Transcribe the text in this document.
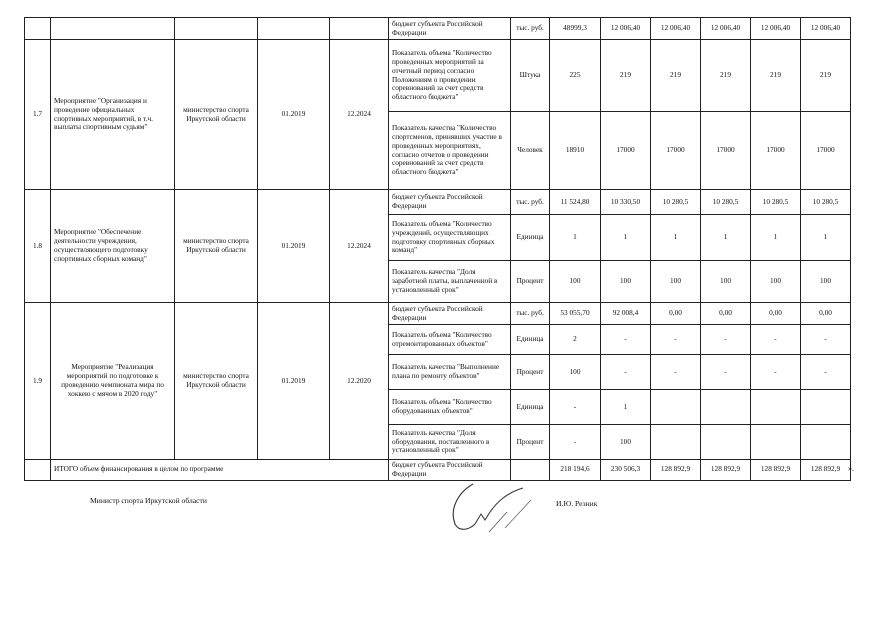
					бюджет субъекта Российской Федерации	тыс. руб.	48999,3	12 006,40	12 006,40	12 006,40	12 006,40	12 006,40
1.7	Мероприятие "Организация и проведение официальных спортивных мероприятий, в т.ч. выплаты спортивным судьям"	министерство спорта Иркутской области	01.2019	12.2024	Показатель объема "Количество проведенных мероприятий за отчетный период согласно Положениям о проведении соревнований за счет средств областного бюджета"	Штука	225	219	219	219	219	219
					Показатель качества "Количество спортсменов, принявших участие в проведенных мероприятиях, согласно отчетов о проведении соревнований за счет средств областного бюджета"	Человек	18910	17000	17000	17000	17000	17000
1.8	Мероприятие "Обеспечение деятельности учреждения, осуществляющего подготовку спортивных сборных команд"	министерство спорта Иркутской области	01.2019	12.2024	бюджет субъекта Российской Федерации	тыс. руб.	11 524,80	10 330,50	10 280,5	10 280,5	10 280,5	10 280,5
					Показатель объема "Количество учреждений, осуществляющих подготовку спортивных сборных команд"	Единица	1	1	1	1	1	1
					Показатель качества "Доля заработной платы, выплаченной в установленный срок"	Процент	100	100	100	100	100	100
1.9	Мероприятие "Реализация мероприятий по подготовке к проведению чемпионата мира по хоккею с мячом в 2020 году"	министерство спорта Иркутской области	01.2019	12.2020	бюджет субъекта Российской Федерации	тыс. руб.	53 055,70	92 008,4	0,00	0,00	0,00	0,00
					Показатель объема "Количество отремонтированных объектов"	Единица	2	-	-	-	-	-
					Показатель качества "Выполнение плана по ремонту объектов"	Процент	100	-	-	-	-	-
					Показатель объема "Количество оборудованных объектов"	Единица	-	1				
					Показатель качества "Доля оборудования, поставленного в установленный срок"	Процент	-	100				
	ИТОГО объем финансирования в целом по программе				бюджет субъекта Российской Федерации		218 194,6	230 506,3	128 892,9	128 892,9	128 892,9	128 892,9 ».
Министр спорта Иркутской области	И.Ю. Резник
